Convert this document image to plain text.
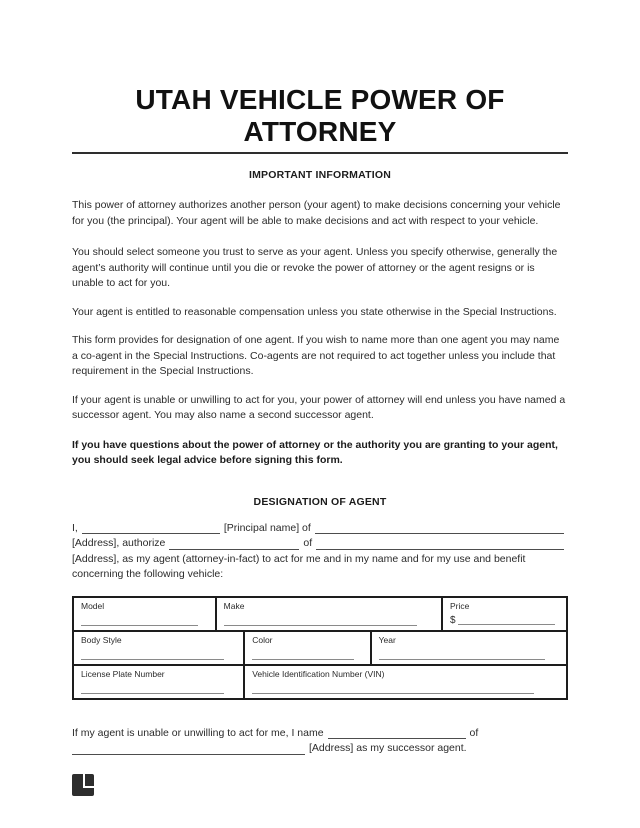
UTAH VEHICLE POWER OF
ATTORNEY
IMPORTANT INFORMATION

This power of attorney authorizes another person (your agent) to make decisions concerning your vehicle for you (the principal). Your agent will be able to make decisions and act with respect to your vehicle.

You should select someone you trust to serve as your agent. Unless you specify otherwise, generally the agent’s authority will continue until you die or revoke the power of attorney or the agent resigns or is unable to act for you.

Your agent is entitled to reasonable compensation unless you state otherwise in the Special Instructions.

This form provides for designation of one agent. If you wish to name more than one agent you may name a co-agent in the Special Instructions. Co-agents are not required to act together unless you include that requirement in the Special Instructions.

If your agent is unable or unwilling to act for you, your power of attorney will end unless you have named a successor agent. You may also name a second successor agent.

If you have questions about the power of attorney or the authority you are granting to your agent, you should seek legal advice before signing this form.

DESIGNATION OF AGENT
I,	[Principal name] of
[Address], authorize	of
[Address], as my agent (attorney-in-fact) to act for me and in my name and for my use and benefit concerning the following vehicle:
Model	Make	Price
$
Body Style	Color	Year
License Plate Number	Vehicle Identification Number (VIN)
If my agent is unable or unwilling to act for me, I name	of
[Address] as my successor agent.
